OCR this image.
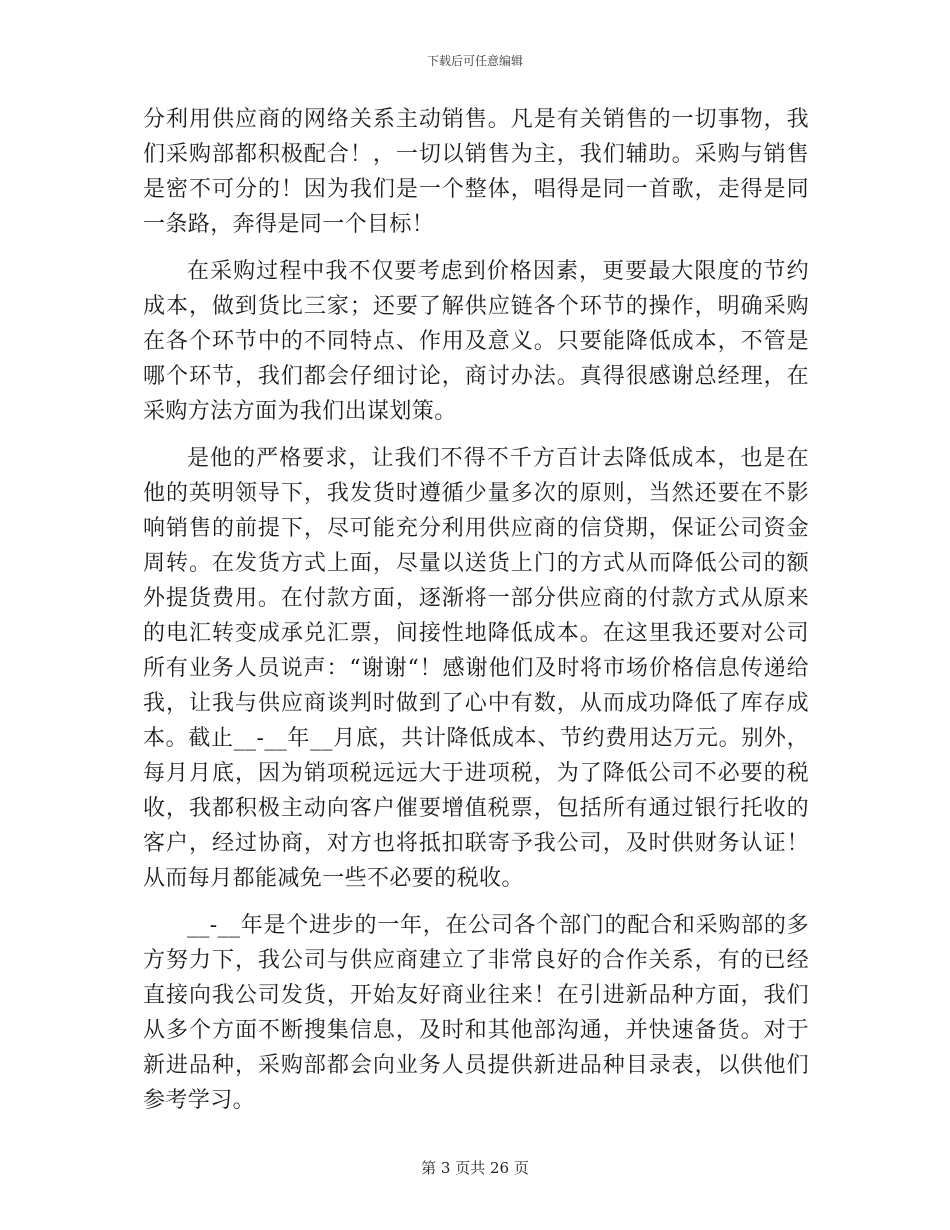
下载后可任意编辑

分利用供应商的网络关系主动销售。凡是有关销售的一切事物，我们采购部都积极配合！，一切以销售为主，我们辅助。采购与销售是密不可分的！因为我们是一个整体，唱得是同一首歌，走得是同一条路，奔得是同一个目标！

在采购过程中我不仅要考虑到价格因素，更要最大限度的节约成本，做到货比三家；还要了解供应链各个环节的操作，明确采购在各个环节中的不同特点、作用及意义。只要能降低成本，不管是哪个环节，我们都会仔细讨论，商讨办法。真得很感谢总经理，在采购方法方面为我们出谋划策。

是他的严格要求，让我们不得不千方百计去降低成本，也是在他的英明领导下，我发货时遵循少量多次的原则，当然还要在不影响销售的前提下，尽可能充分利用供应商的信贷期，保证公司资金周转。在发货方式上面，尽量以送货上门的方式从而降低公司的额外提货费用。在付款方面，逐渐将一部分供应商的付款方式从原来的电汇转变成承兑汇票，间接性地降低成本。在这里我还要对公司所有业务人员说声：“谢谢“！感谢他们及时将市场价格信息传递给我，让我与供应商谈判时做到了心中有数，从而成功降低了库存成本。截止__-__年__月底，共计降低成本、节约费用达万元。别外，每月月底，因为销项税远远大于进项税，为了降低公司不必要的税收，我都积极主动向客户催要增值税票，包括所有通过银行托收的客户，经过协商，对方也将抵扣联寄予我公司，及时供财务认证！从而每月都能减免一些不必要的税收。

__-__年是个进步的一年，在公司各个部门的配合和采购部的多方努力下，我公司与供应商建立了非常良好的合作关系，有的已经直接向我公司发货，开始友好商业往来！在引进新品种方面，我们从多个方面不断搜集信息，及时和其他部沟通，并快速备货。对于新进品种，采购部都会向业务人员提供新进品种目录表，以供他们参考学习。

第 3 页共 26 页
